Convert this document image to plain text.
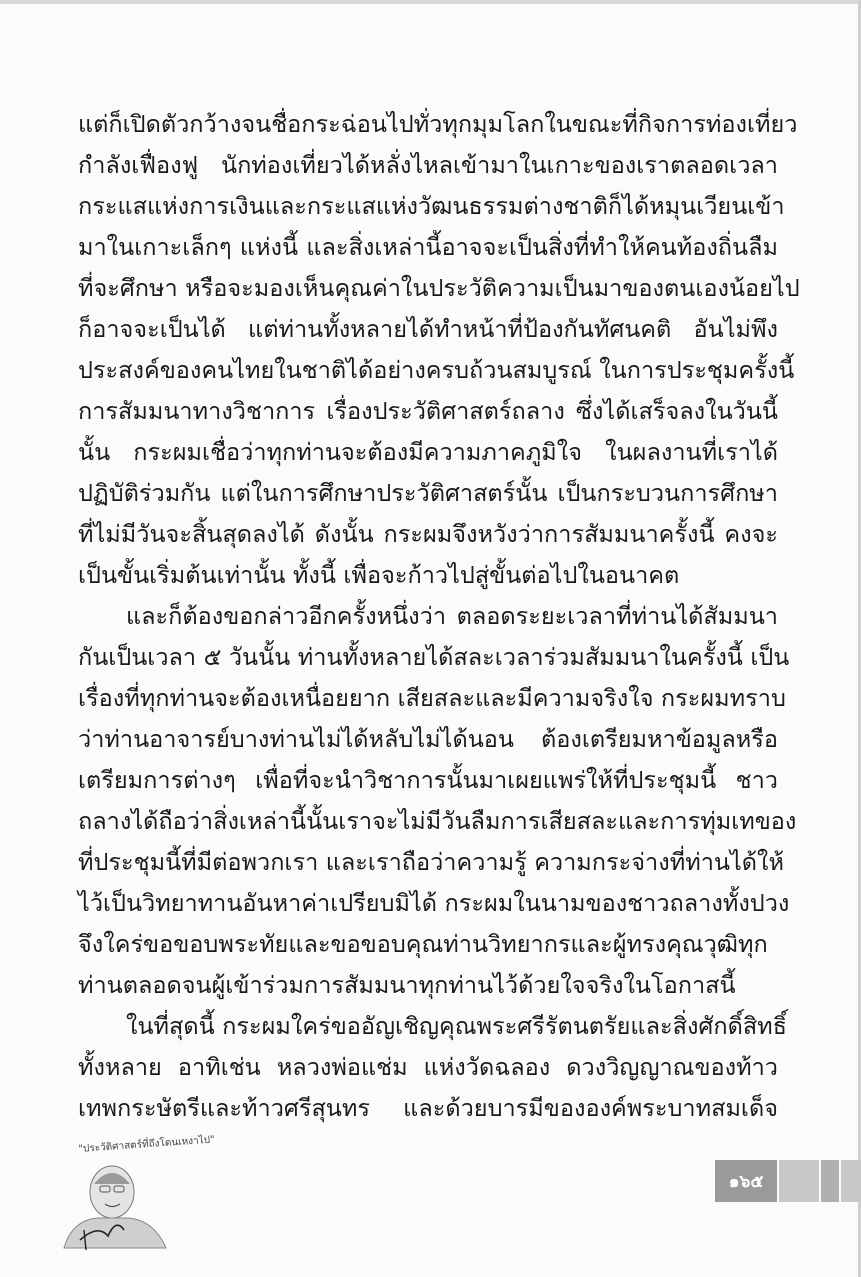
แต่ก็เปิดตัวกว้างจนชื่อกระฉ่อนไปทั่วทุกมุมโลกในขณะที่กิจการท่องเที่ยว
กำลังเฟื่องฟู นักท่องเที่ยวได้หลั่งไหลเข้ามาในเกาะของเราตลอดเวลา
กระแสแห่งการเงินและกระแสแห่งวัฒนธรรมต่างชาติก็ได้หมุนเวียนเข้า
มาในเกาะเล็กๆ แห่งนี้ และสิ่งเหล่านี้อาจจะเป็นสิ่งที่ทำให้คนท้องถิ่นลืม
ที่จะศึกษา หรือจะมองเห็นคุณค่าในประวัติความเป็นมาของตนเองน้อยไป
ก็อาจจะเป็นได้ แต่ท่านทั้งหลายได้ทำหน้าที่ป้องกันทัศนคติ อันไม่พึง
ประสงค์ของคนไทยในชาติได้อย่างครบถ้วนสมบูรณ์ ในการประชุมครั้งนี้
การสัมมนาทางวิชาการ เรื่องประวัติศาสตร์ถลาง ซึ่งได้เสร็จลงในวันนี้
นั้น กระผมเชื่อว่าทุกท่านจะต้องมีความภาคภูมิใจ ในผลงานที่เราได้
ปฏิบัติร่วมกัน แต่ในการศึกษาประวัติศาสตร์นั้น เป็นกระบวนการศึกษา
ที่ไม่มีวันจะสิ้นสุดลงได้ ดังนั้น กระผมจึงหวังว่าการสัมมนาครั้งนี้ คงจะ
เป็นขั้นเริ่มต้นเท่านั้น ทั้งนี้ เพื่อจะก้าวไปสู่ขั้นต่อไปในอนาคต
และก็ต้องขอกล่าวอีกครั้งหนึ่งว่า ตลอดระยะเวลาที่ท่านได้สัมมนา
กันเป็นเวลา ๕ วันนั้น ท่านทั้งหลายได้สละเวลาร่วมสัมมนาในครั้งนี้ เป็น
เรื่องที่ทุกท่านจะต้องเหนื่อยยาก เสียสละและมีความจริงใจ กระผมทราบ
ว่าท่านอาจารย์บางท่านไม่ได้หลับไม่ได้นอน ต้องเตรียมหาข้อมูลหรือ
เตรียมการต่างๆ เพื่อที่จะนำวิชาการนั้นมาเผยแพร่ให้ที่ประชุมนี้ ชาว
ถลางได้ถือว่าสิ่งเหล่านี้นั้นเราจะไม่มีวันลืมการเสียสละและการทุ่มเทของ
ที่ประชุมนี้ที่มีต่อพวกเรา และเราถือว่าความรู้ ความกระจ่างที่ท่านได้ให้
ไว้เป็นวิทยาทานอันหาค่าเปรียบมิได้ กระผมในนามของชาวถลางทั้งปวง
จึงใคร่ขอขอบพระทัยและขอขอบคุณท่านวิทยากรและผู้ทรงคุณวุฒิทุก
ท่านตลอดจนผู้เข้าร่วมการสัมมนาทุกท่านไว้ด้วยใจจริงในโอกาสนี้
ในที่สุดนี้ กระผมใคร่ขออัญเชิญคุณพระศรีรัตนตรัยและสิ่งศักดิ์สิทธิ์
ทั้งหลาย อาทิเช่น หลวงพ่อแช่ม แห่งวัดฉลอง ดวงวิญญาณของท้าว
เทพกระษัตรีและท้าวศรีสุนทร และด้วยบารมีขององค์พระบาทสมเด็จ
"ประวัติศาสตร์ที่ถึงโดนเหงาไป"
๑๖๕
